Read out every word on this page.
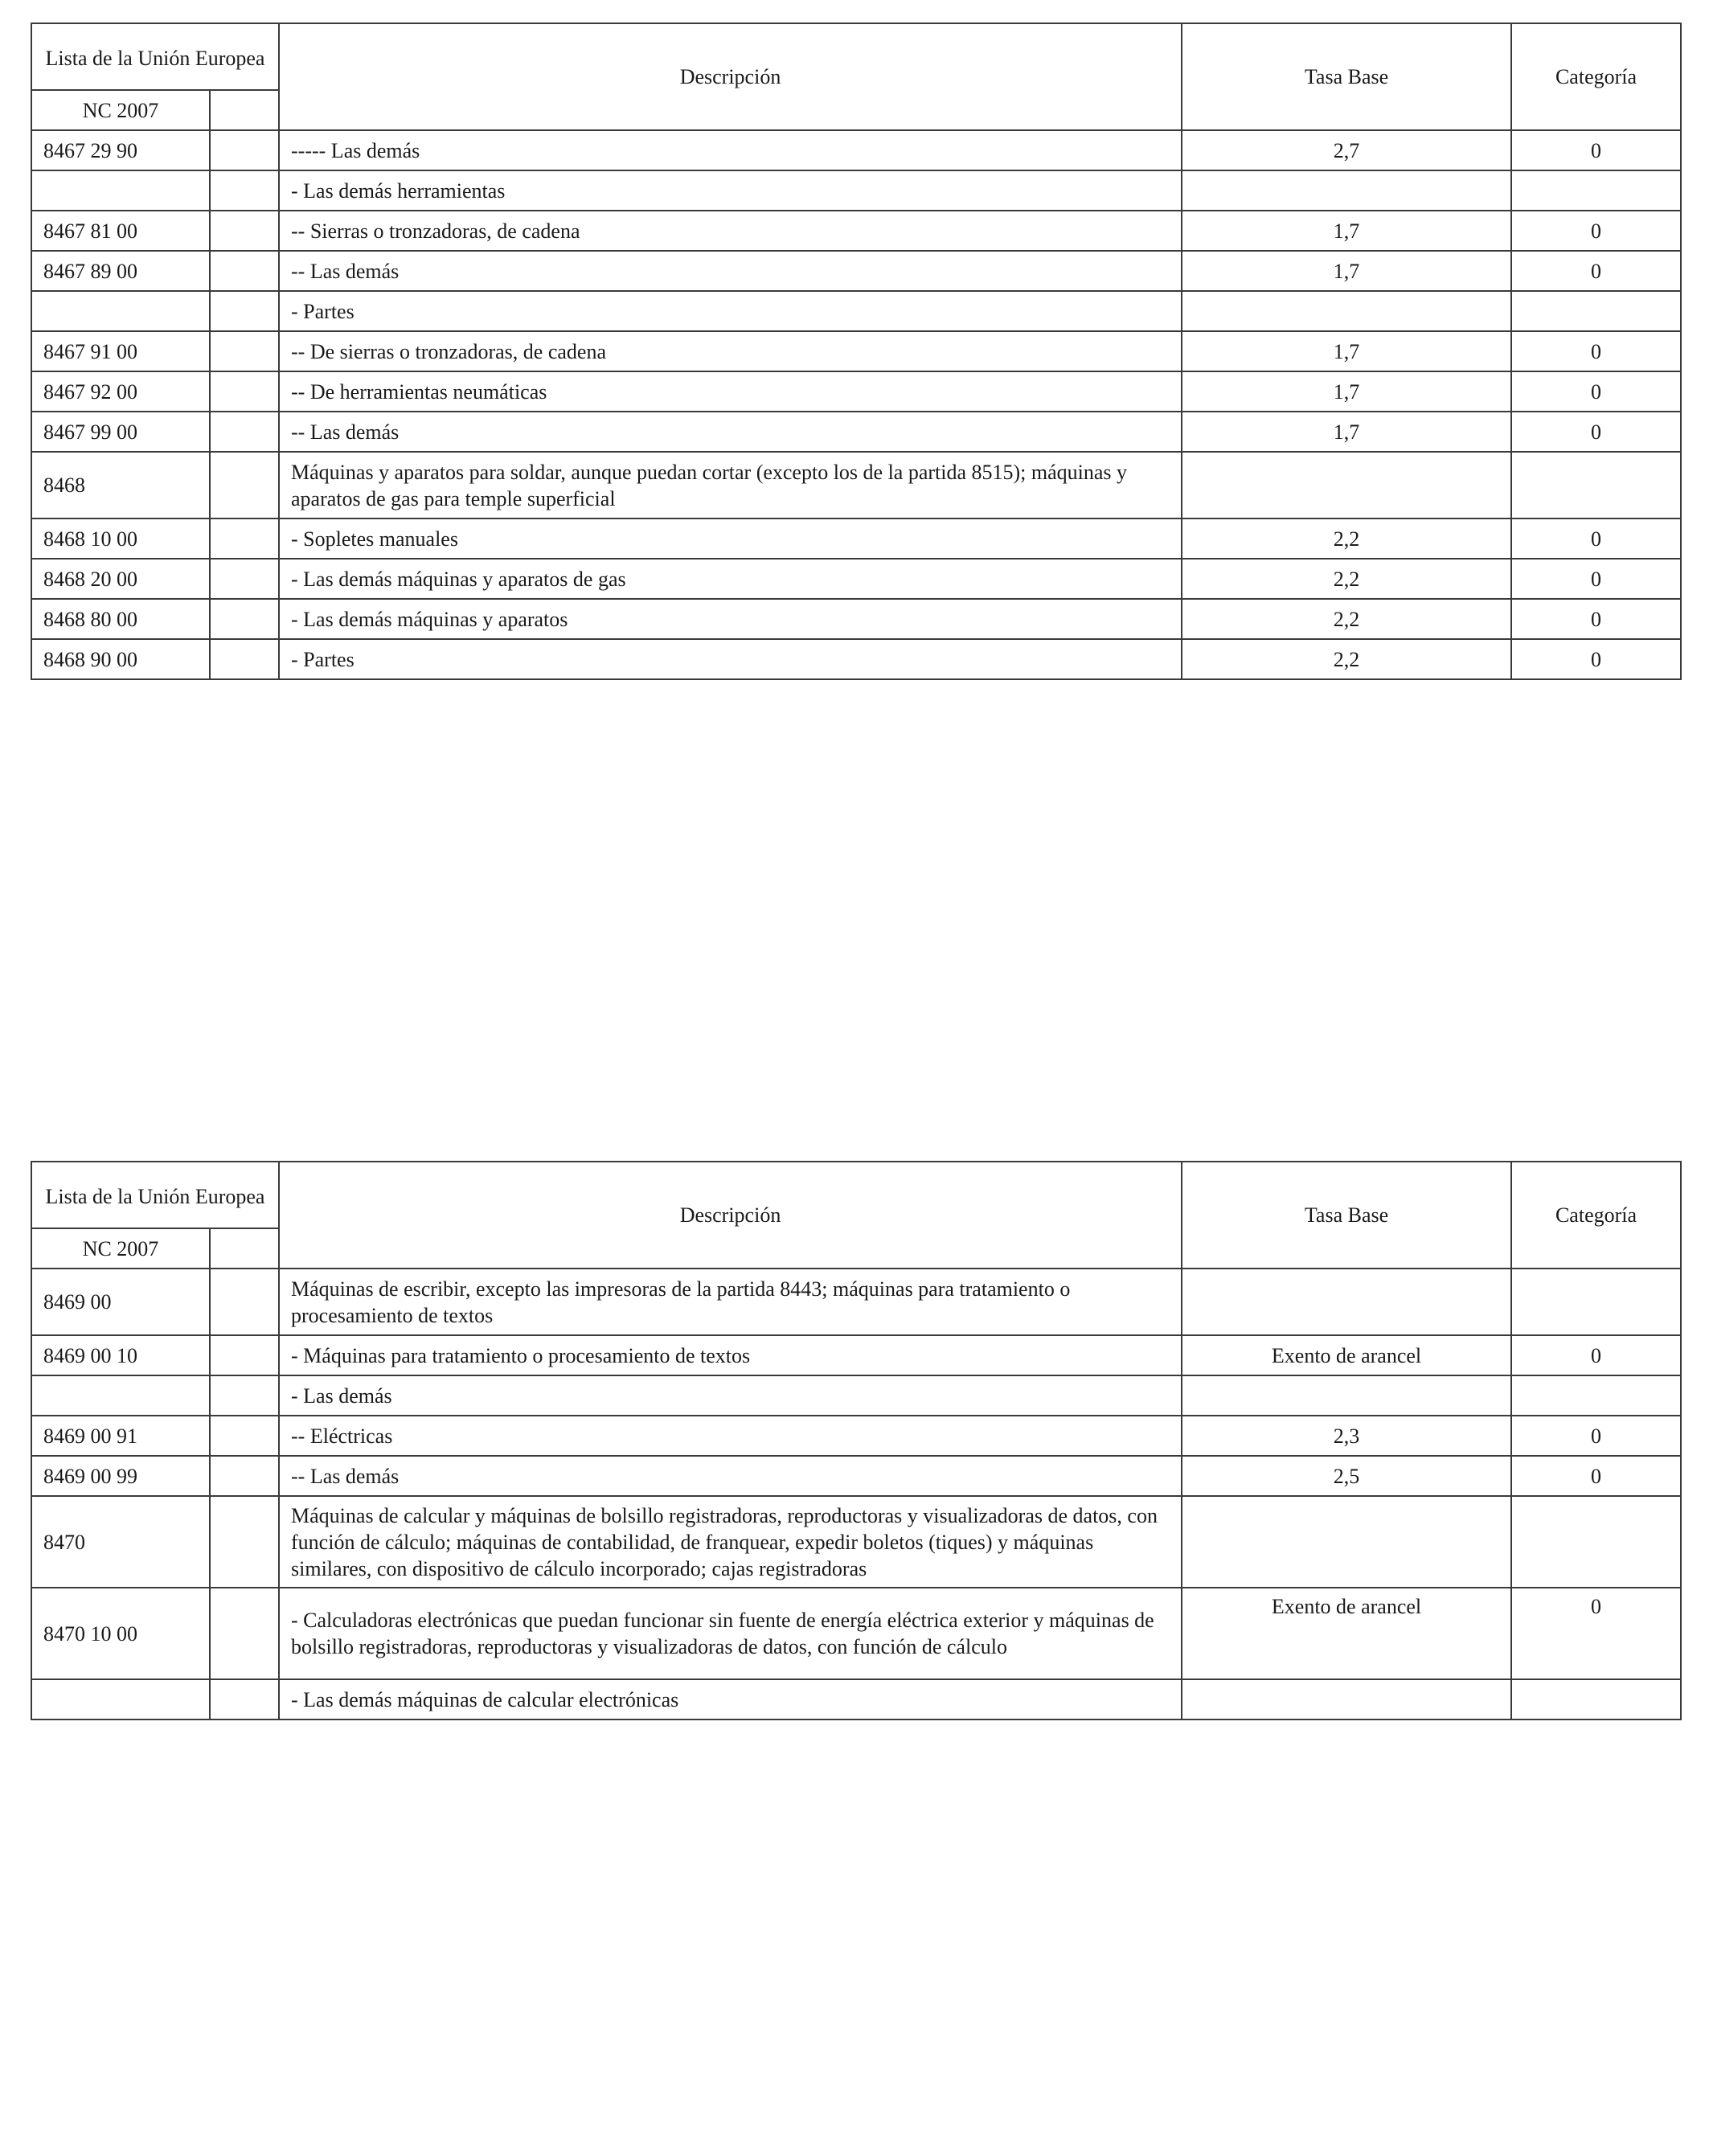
Lista de la Unión Europea		Descripción	Tasa Base	Categoría
NC 2007				
8467 29 90		----- Las demás	2,7	0
		- Las demás herramientas		
8467 81 00		-- Sierras o tronzadoras, de cadena	1,7	0
8467 89 00		-- Las demás	1,7	0
		- Partes		
8467 91 00		-- De sierras o tronzadoras, de cadena	1,7	0
8467 92 00		-- De herramientas neumáticas	1,7	0
8467 99 00		-- Las demás	1,7	0
8468		Máquinas y aparatos para soldar, aunque puedan cortar (excepto los de la partida 8515); máquinas y aparatos de gas para temple superficial		
8468 10 00		- Sopletes manuales	2,2	0
8468 20 00		- Las demás máquinas y aparatos de gas	2,2	0
8468 80 00		- Las demás máquinas y aparatos	2,2	0
8468 90 00		- Partes	2,2	0
Lista de la Unión Europea		Descripción	Tasa Base	Categoría
NC 2007				
8469 00		Máquinas de escribir, excepto las impresoras de la partida 8443; máquinas para tratamiento o procesamiento de textos		
8469 00 10		- Máquinas para tratamiento o procesamiento de textos	Exento de arancel	0
		- Las demás		
8469 00 91		-- Eléctricas	2,3	0
8469 00 99		-- Las demás	2,5	0
8470		Máquinas de calcular y máquinas de bolsillo registradoras, reproductoras y visualizadoras de datos, con función de cálculo; máquinas de contabilidad, de franquear, expedir boletos (tiques) y máquinas similares, con dispositivo de cálculo incorporado; cajas registradoras		
8470 10 00		- Calculadoras electrónicas que puedan funcionar sin fuente de energía eléctrica exterior y máquinas de bolsillo registradoras, reproductoras y visualizadoras de datos, con función de cálculo	Exento de arancel	0
		- Las demás máquinas de calcular electrónicas		
